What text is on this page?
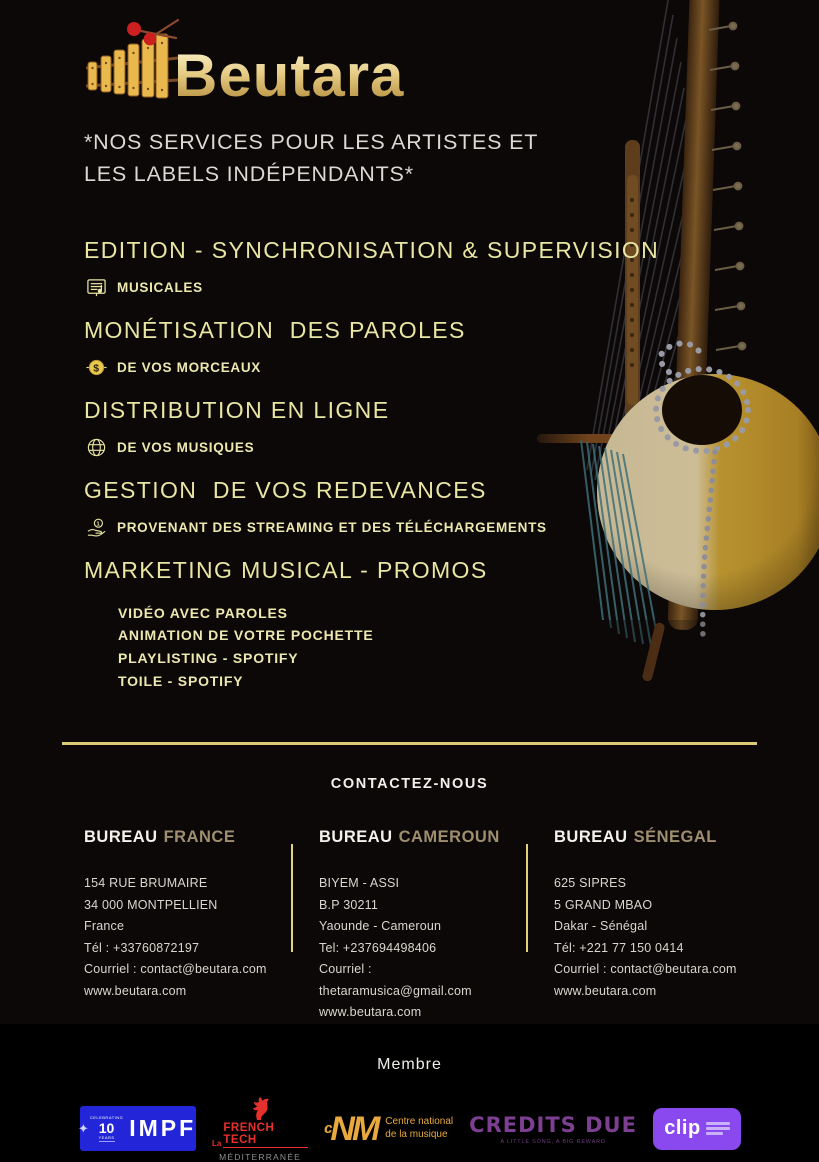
Beutara
*NOS SERVICES POUR LES ARTISTES ET
LES LABELS INDÉPENDANTS*
EDITION - SYNCHRONISATION & SUPERVISION
MUSICALES
MONÉTISATION  DES PAROLES
$ DE VOS MORCEAUX
DISTRIBUTION EN LIGNE
DE VOS MUSIQUES
GESTION  DE VOS REDEVANCES
1 PROVENANT DES STREAMING ET DES TÉLÉCHARGEMENTS
MARKETING MUSICAL - PROMOS
VIDÉO AVEC PAROLES
ANIMATION DE VOTRE POCHETTE
PLAYLISTING - SPOTIFY
TOILE - SPOTIFY
CONTACTEZ-NOUS
BUREAU FRANCE
154 RUE BRUMAIRE
34 000 MONTPELLIEN
France
Tél : +33760872197
Courriel : contact@beutara.com
www.beutara.com
BUREAU CAMEROUN
BIYEM - ASSI
B.P 30211
Yaounde - Cameroun
Tel: +237694498406
Courriel : thetaramusica@gmail.com
www.beutara.com
BUREAU SÉNEGAL
625 SIPRES
5 GRAND MBAO
Dakar - Sénégal
Tél: +221 77 150 0414
Courriel : contact@beutara.com
www.beutara.com
Membre
✦
CELEBRATING
10
YEARS IMPF
La
FRENCH TECH
MÉDITERRANÉE
c NM Centre national
de la musique CREDITS DUE
A LITTLE SONG, A BIG REWARD
clip
